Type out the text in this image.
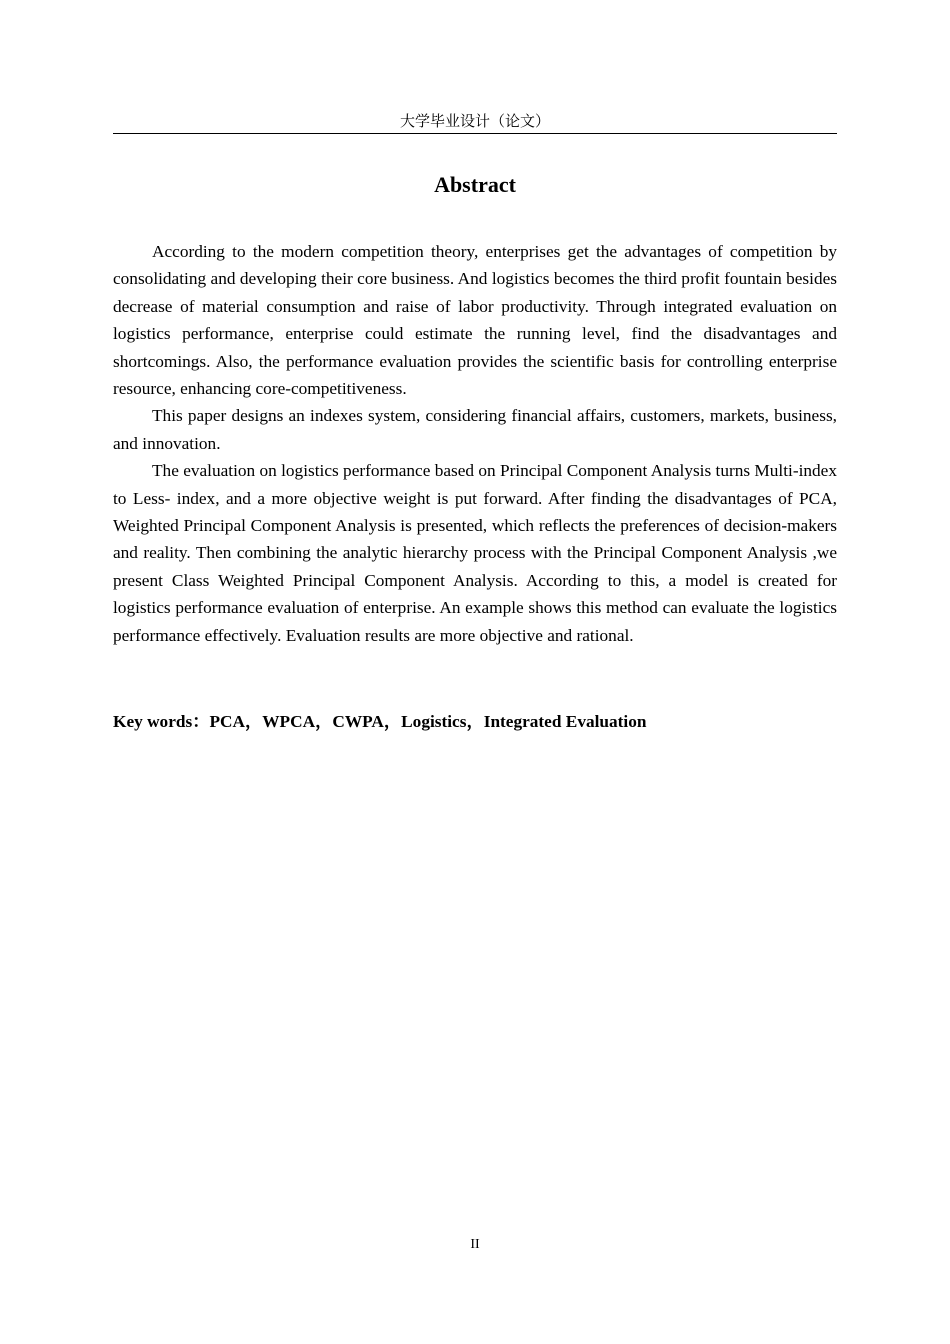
大学毕业设计（论文）
Abstract

According to the modern competition theory, enterprises get the advantages of competition by consolidating and developing their core business. And logistics becomes the third profit fountain besides decrease of material consumption and raise of labor productivity. Through integrated evaluation on logistics performance, enterprise could estimate the running level, find the disadvantages and shortcomings. Also, the performance evaluation provides the scientific basis for controlling enterprise resource, enhancing core-competitiveness.

This paper designs an indexes system, considering financial affairs, customers, markets, business, and innovation.

The evaluation on logistics performance based on Principal Component Analysis turns Multi-index to Less- index, and a more objective weight is put forward. After finding the disadvantages of PCA, Weighted Principal Component Analysis is presented, which reflects the preferences of decision-makers and reality. Then combining the analytic hierarchy process with the Principal Component Analysis ,we present Class Weighted Principal Component Analysis. According to this, a model is created for logistics performance evaluation of enterprise. An example shows this method can evaluate the logistics performance effectively. Evaluation results are more objective and rational.

Key words：PCA，WPCA，CWPA，Logistics，Integrated Evaluation

II
